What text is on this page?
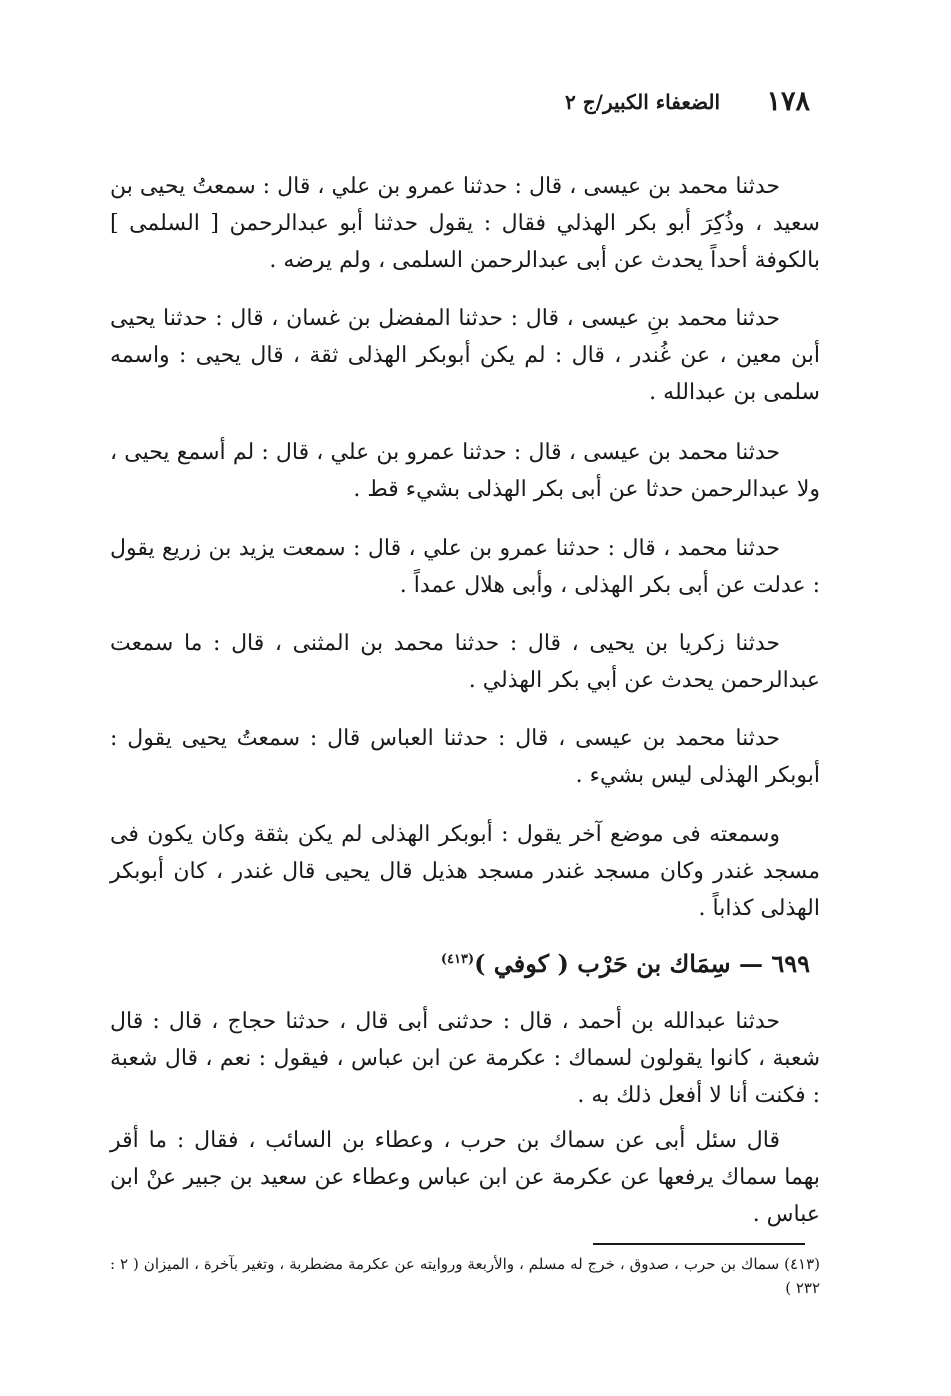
١٧٨
الضعفاء الكبير/ج ٢

حدثنا محمد بن عيسى ، قال : حدثنا عمرو بن علي ، قال : سمعتُ يحيى بن سعيد ، وذُكِرَ أبو بكر الهذلي فقال : يقول حدثنا أبو عبدالرحمن [ السلمى ] بالكوفة أحداً يحدث عن أبى عبدالرحمن السلمى ، ولم يرضه .

حدثنا محمد بنِ عيسى ، قال : حدثنا المفضل بن غسان ، قال : حدثنا يحيى أبن معين ، عن غُندر ، قال : لم يكن أبوبكر الهذلى ثقة ، قال يحيى : واسمه سلمى بن عبدالله .

حدثنا محمد بن عيسى ، قال : حدثنا عمرو بن علي ، قال : لم أسمع يحيى ، ولا عبدالرحمن حدثا عن أبى بكر الهذلى بشيء قط .

حدثنا محمد ، قال : حدثنا عمرو بن علي ، قال : سمعت يزيد بن زريع يقول : عدلت عن أبى بكر الهذلى ، وأبى هلال عمداً .

حدثنا زكريا بن يحيى ، قال : حدثنا محمد بن المثنى ، قال : ما سمعت عبدالرحمن يحدث عن أبي بكر الهذلي .

حدثنا محمد بن عيسى ، قال : حدثنا العباس قال : سمعتُ يحيى يقول : أبوبكر الهذلى ليس بشيء .

وسمعته فى موضع آخر يقول : أبوبكر الهذلى لم يكن بثقة وكان يكون فى مسجد غندر وكان مسجد غندر مسجد هذيل قال يحيى قال غندر ، كان أبوبكر الهذلى كذاباً .

٦٩٩ — سِمَاك بن حَرْب ( كوفي )$^{(٤١٣)}$

حدثنا عبدالله بن أحمد ، قال : حدثنى أبى قال ، حدثنا حجاج ، قال : قال شعبة ، كانوا يقولون لسماك : عكرمة عن ابن عباس ، فيقول : نعم ، قال شعبة : فكنت أنا لا أفعل ذلك به .

قال سئل أبى عن سماك بن حرب ، وعطاء بن السائب ، فقال : ما أقر بهما سماك يرفعها عن عكرمة عن ابن عباس وعطاء عن سعيد بن جبير عنْ ابن عباس .

(٤١٣) سماك بن حرب ، صدوق ، خرج له مسلم ، والأربعة وروايته عن عكرمة مضطربة ، وتغير بآخرة ، الميزان ( ٢ : ٢٣٢ )
